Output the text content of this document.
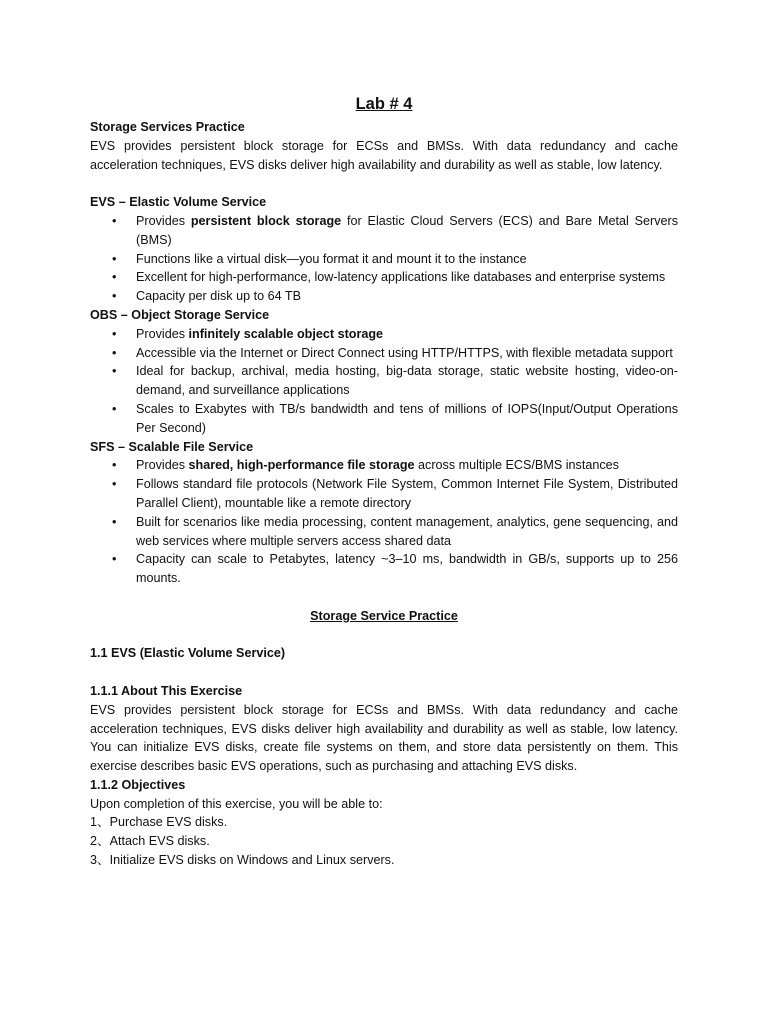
Lab # 4
Storage Services Practice
EVS provides persistent block storage for ECSs and BMSs. With data redundancy and cache acceleration techniques, EVS disks deliver high availability and durability as well as stable, low latency.
EVS – Elastic Volume Service
• Provides persistent block storage for Elastic Cloud Servers (ECS) and Bare Metal Servers (BMS)
• Functions like a virtual disk—you format it and mount it to the instance
• Excellent for high-performance, low-latency applications like databases and enterprise systems
• Capacity per disk up to 64 TB
OBS – Object Storage Service
• Provides infinitely scalable object storage
• Accessible via the Internet or Direct Connect using HTTP/HTTPS, with flexible metadata support
• Ideal for backup, archival, media hosting, big-data storage, static website hosting, video-on-demand, and surveillance applications
• Scales to Exabytes with TB/s bandwidth and tens of millions of IOPS(Input/Output Operations Per Second)
SFS – Scalable File Service
• Provides shared, high-performance file storage across multiple ECS/BMS instances
• Follows standard file protocols (Network File System, Common Internet File System, Distributed Parallel Client), mountable like a remote directory
• Built for scenarios like media processing, content management, analytics, gene sequencing, and web services where multiple servers access shared data
• Capacity can scale to Petabytes, latency ~3–10 ms, bandwidth in GB/s, supports up to 256 mounts.
Storage Service Practice
1.1 EVS (Elastic Volume Service)
1.1.1 About This Exercise
EVS provides persistent block storage for ECSs and BMSs. With data redundancy and cache acceleration techniques, EVS disks deliver high availability and durability as well as stable, low latency. You can initialize EVS disks, create file systems on them, and store data persistently on them. This exercise describes basic EVS operations, such as purchasing and attaching EVS disks.
1.1.2 Objectives
Upon completion of this exercise, you will be able to:
1、Purchase EVS disks.
2、Attach EVS disks.
3、Initialize EVS disks on Windows and Linux servers.
